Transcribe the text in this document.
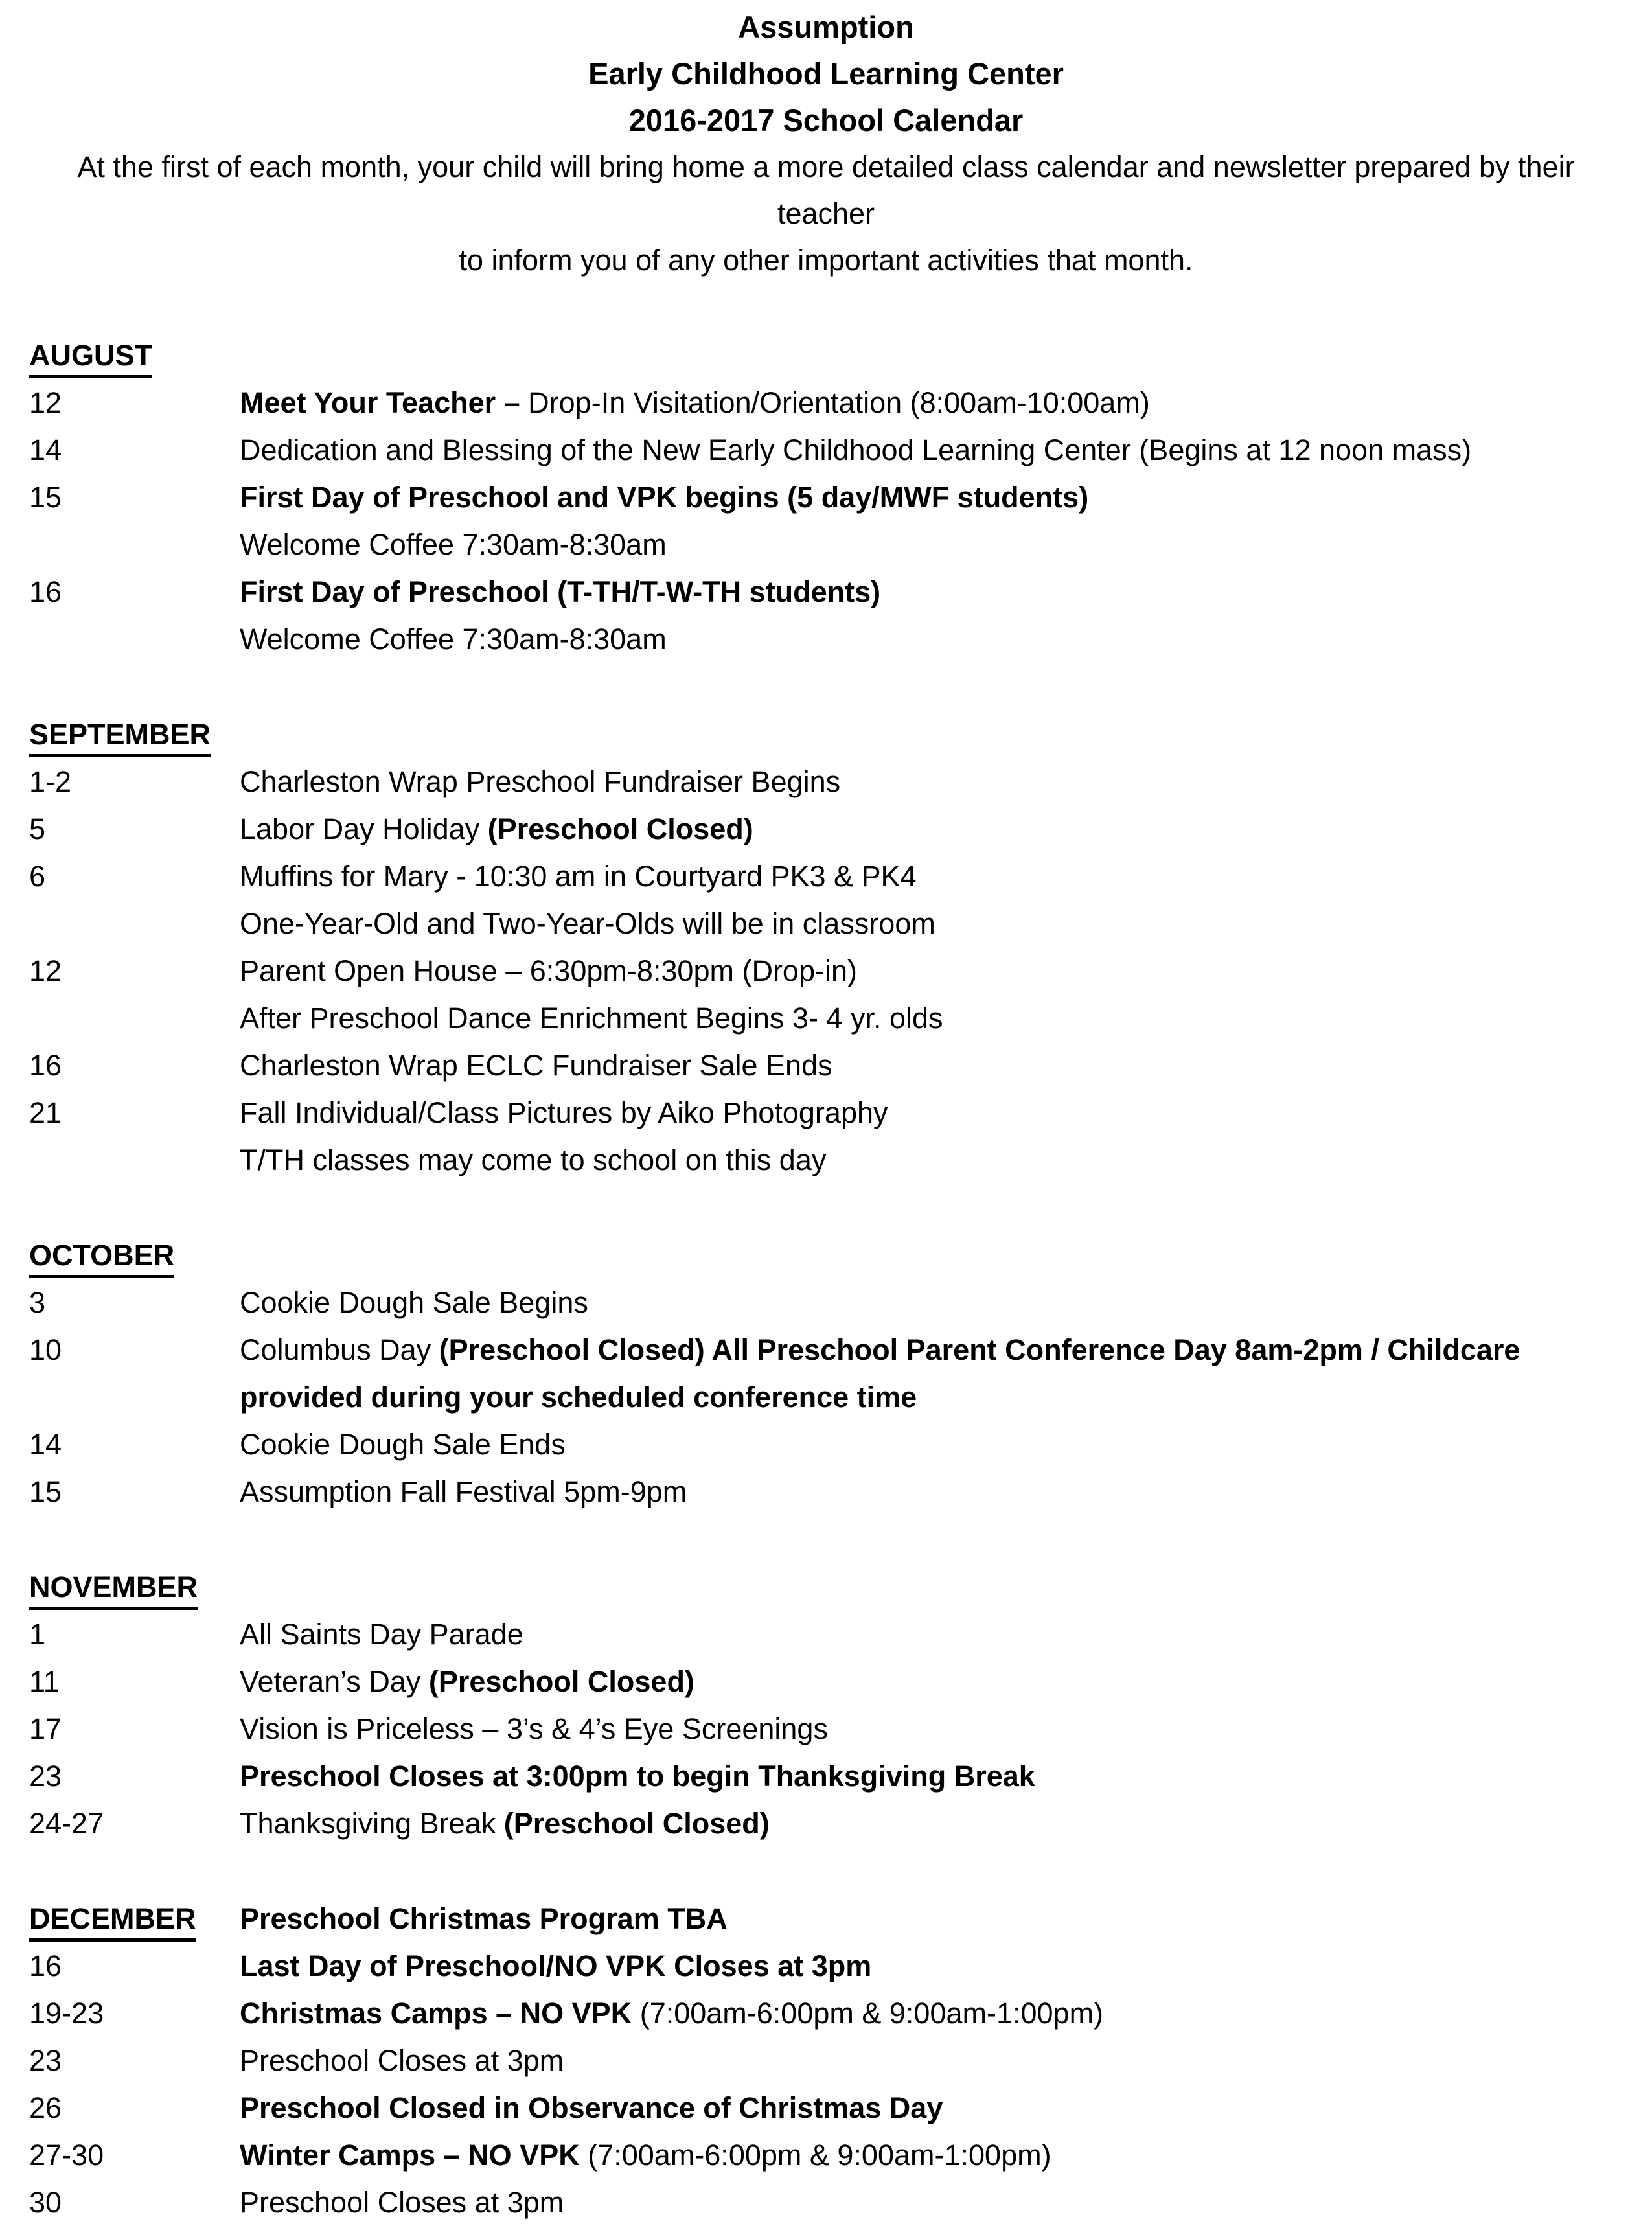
Assumption
Early Childhood Learning Center
2016-2017 School Calendar

At the first of each month, your child will bring home a more detailed class calendar and newsletter prepared by their teacher
to inform you of any other important activities that month.

AUGUST
12	Meet Your Teacher – Drop-In Visitation/Orientation (8:00am-10:00am)
14	Dedication and Blessing of the New Early Childhood Learning Center (Begins at 12 noon mass)
15	First Day of Preschool and VPK begins (5 day/MWF students)
Welcome Coffee 7:30am-8:30am
16	First Day of Preschool (T-TH/T-W-TH students)
Welcome Coffee 7:30am-8:30am
SEPTEMBER
1-2	Charleston Wrap Preschool Fundraiser Begins
5	Labor Day Holiday (Preschool Closed)
6	Muffins for Mary - 10:30 am in Courtyard PK3 & PK4
One-Year-Old and Two-Year-Olds will be in classroom
12	Parent Open House – 6:30pm-8:30pm (Drop-in)
After Preschool Dance Enrichment Begins 3- 4 yr. olds
16	Charleston Wrap ECLC Fundraiser Sale Ends
21	Fall Individual/Class Pictures by Aiko Photography
T/TH classes may come to school on this day
OCTOBER
3	Cookie Dough Sale Begins
10	Columbus Day (Preschool Closed) All Preschool Parent Conference Day 8am-2pm / Childcare
provided during your scheduled conference time
14	Cookie Dough Sale Ends
15	Assumption Fall Festival 5pm-9pm
NOVEMBER
1	All Saints Day Parade
11	Veteran’s Day (Preschool Closed)
17	Vision is Priceless – 3’s & 4’s Eye Screenings
23	Preschool Closes at 3:00pm to begin Thanksgiving Break
24-27	Thanksgiving Break (Preschool Closed)
DECEMBER	Preschool Christmas Program TBA
16	Last Day of Preschool/NO VPK Closes at 3pm
19-23	Christmas Camps – NO VPK (7:00am-6:00pm & 9:00am-1:00pm)
23	Preschool Closes at 3pm
26	Preschool Closed in Observance of Christmas Day
27-30	Winter Camps – NO VPK (7:00am-6:00pm & 9:00am-1:00pm)
30	Preschool Closes at 3pm
